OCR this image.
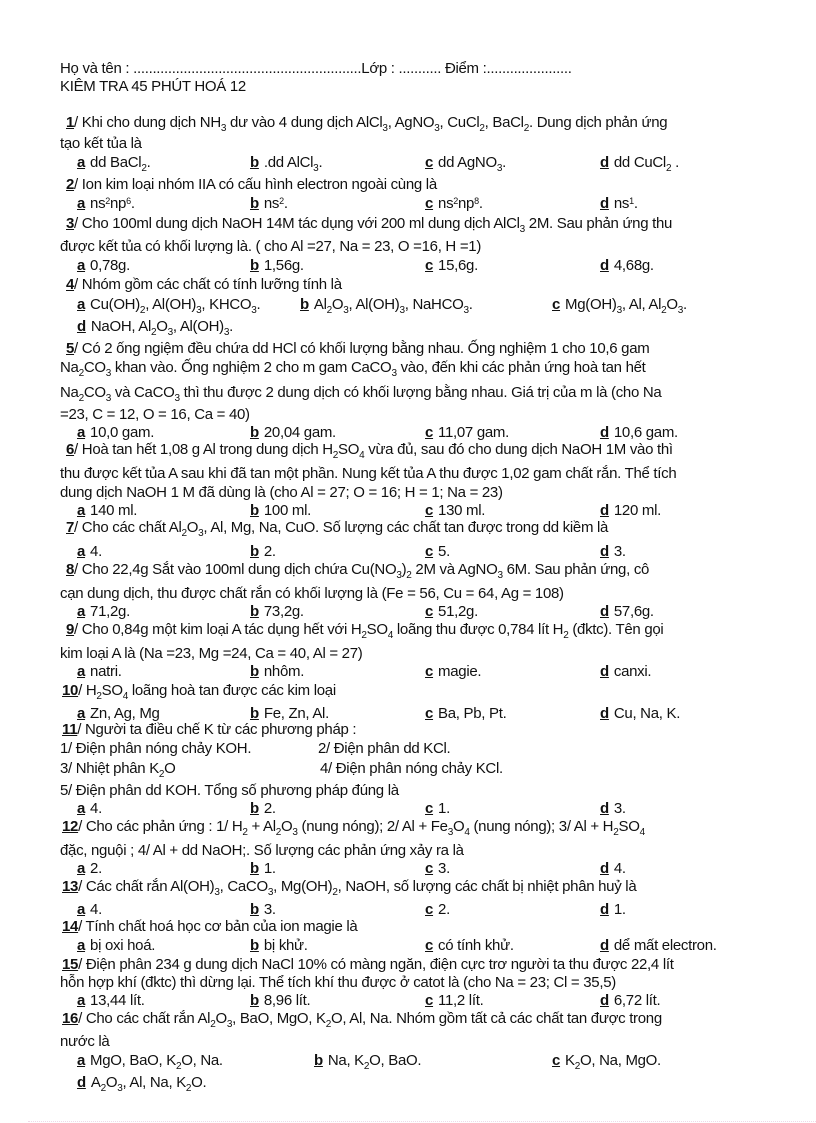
Họ và tên : ...........................................................Lớp : ........... Điểm :......................
KIÊM TRA 45 PHÚT HOÁ 12
1/ Khi cho dung dịch $NH_3$ dư vào 4 dung dịch AlCl$_3$, AgNO$_3$, CuCl$_2$, BaCl$_2$. Dung dịch phản ứng
tạo kết tủa là
a dd BaCl$_2$.	b .dd AlCl$_3$.	c dd AgNO$_3$.	d dd CuCl$_2$ .
2/ Ion kim loại nhóm IIA có cấu hình electron ngoài cùng là
a $ns^2np^6$.	b $ns^2$.	c $ns^2np^8$.	d $ns^1$.
3/ Cho 100ml dung dịch NaOH 14M tác dụng với 200 ml dung dịch AlCl$_3$ 2M. Sau phản ứng thu
được kết tủa có khối lượng là. ( cho Al =27, Na = 23, O =16, H =1)
a 0,78g.	b 1,56g.	c 15,6g.	d 4,68g.
4/ Nhóm gồm các chất có tính lưỡng tính là
a $Cu(OH)_2$, $Al(OH)_3$, $KHCO_3$.	b $Al_2O_3$, $Al(OH)_3$, NaHCO$_3$.	c $Mg(OH)_3$, Al, $Al_2O_3$.
d NaOH, $Al_2O_3$, $Al(OH)_3$.
5/ Có 2 ống ngiệm đều chứa dd HCl có khối lượng bằng nhau. Ống nghiệm 1 cho 10,6 gam
$Na_2CO_3$ khan vào. Ống nghiệm 2 cho m gam CaCO$_3$ vào, đến khi các phản ứng hoà tan hết
$Na_2CO_3$ và CaCO$_3$ thì thu được 2 dung dịch có khối lượng bằng nhau. Giá trị của m là (cho Na
=23, C = 12, O = 16, Ca = 40)
a 10,0 gam.	b 20,04 gam.	c 11,07 gam.	d 10,6 gam.
6/ Hoà tan hết 1,08 g Al trong dung dịch $H_2SO_4$ vừa đủ, sau đó cho dung dịch NaOH 1M vào thì
thu được kết tủa A sau khi đã tan một phần. Nung kết tủa A thu được 1,02 gam chất rắn. Thể tích
dung dịch NaOH 1 M đã dùng là (cho Al = 27; O = 16; H = 1; Na = 23)
a 140 ml.	b 100 ml.	c 130 ml.	d 120 ml.
7/ Cho các chất $Al_2O_3$, Al, Mg, Na, CuO. Số lượng các chất tan được trong dd kiềm là
a 4.	b 2.	c 5.	d 3.
8/ Cho 22,4g Sắt vào 100ml dung dịch chứa $Cu(NO_3)_2$ 2M và AgNO$_3$ 6M. Sau phản ứng, cô
cạn dung dịch, thu được chất rắn có khối lượng là (Fe = 56, Cu = 64, Ag = 108)
a 71,2g.	b 73,2g.	c 51,2g.	d 57,6g.
9/ Cho 0,84g một kim loại A tác dụng hết với $H_2SO_4$ loãng thu được 0,784 lít $H_2$ (đktc). Tên gọi
kim loại A là (Na =23, Mg =24, Ca = 40, Al = 27)
a natri.	b nhôm.	c magie.	d canxi.
10/ $H_2SO_4$ loãng hoà tan được các kim loại
a Zn, Ag, Mg	b Fe, Zn, Al.	c Ba, Pb, Pt.	d Cu, Na, K.
11/ Người ta điều chế K từ các phương pháp :
1/ Điện phân nóng chảy KOH.	2/ Điện phân dd KCl.
3/ Nhiệt phân $K_2O$	4/ Điện phân nóng chảy KCl.
5/ Điện phân dd KOH. Tổng số phương pháp đúng là
a 4.	b 2.	c 1.	d 3.
12/ Cho các phản ứng : 1/ $H_2 + Al_2O_3$ (nung nóng); 2/ $Al + Fe_3O_4$ (nung nóng); 3/ $Al + H_2SO_4$
đặc, nguội ; 4/ Al + dd NaOH;. Số lượng các phản ứng xảy ra là
a 2.	b 1.	c 3.	d 4.
13/ Các chất rắn $Al(OH)_3$, CaCO$_3$, $Mg(OH)_2$, NaOH, số lượng các chất bị nhiệt phân huỷ là
a 4.	b 3.	c 2.	d 1.
14/ Tính chất hoá học cơ bản của ion magie là
a bị oxi hoá.	b bị khử.	c có tính khử.	d dể mất electron.
15/ Điện phân 234 g dung dịch NaCl 10% có màng ngăn, điện cực trơ người ta thu được 22,4 lít
hỗn hợp khí (đktc) thì dừng lại. Thể tích khí thu được ở catot là (cho Na = 23; Cl = 35,5)
a 13,44 lít.	b 8,96 lít.	c 11,2 lít.	d 6,72 lít.
16/ Cho các chất rắn $Al_2O_3$, BaO, MgO, $K_2O$, Al, Na. Nhóm gồm tất cả các chất tan được trong
nước là
a MgO, BaO, $K_2O$, Na.	b Na, $K_2O$, BaO.	c $K_2O$, Na, MgO.
d $A_2O_3$, Al, Na, $K_2O$.
